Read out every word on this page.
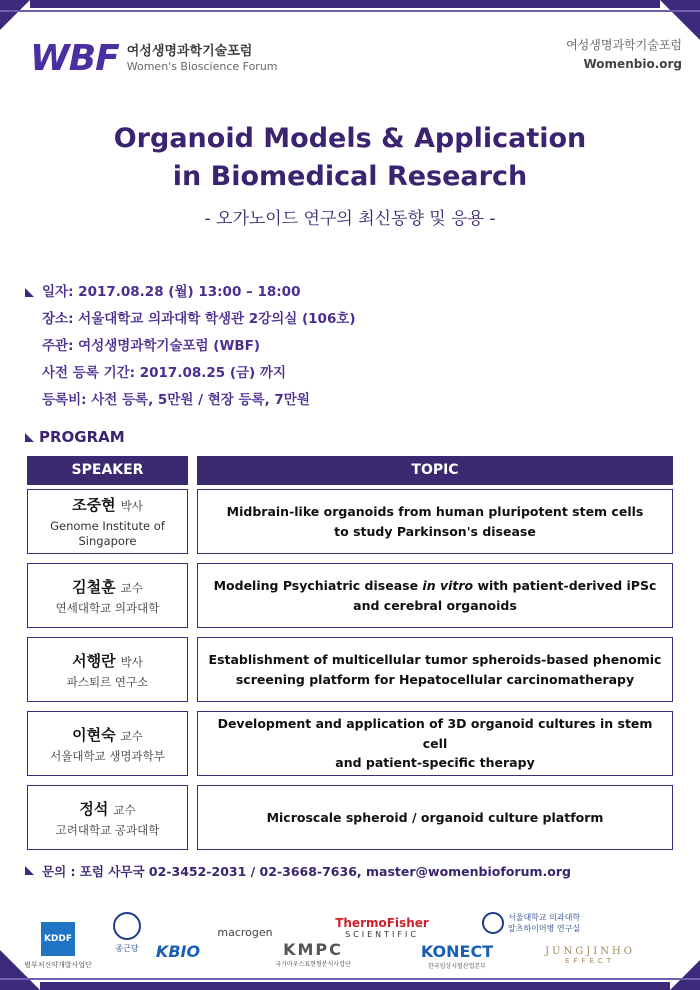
WBF 여성생명과학기술포럼
Women's Bioscience Forum
여성생명과학기술포럼
Womenbio.org
Organoid Models & Application
in Biomedical Research
- 오가노이드 연구의 최신동향 및 응용 -
일자: 2017.08.28 (월) 13:00 – 18:00
장소: 서울대학교 의과대학 학생관 2강의실 (106호)
주관: 여성생명과학기술포럼 (WBF)
사전 등록 기간: 2017.08.25 (금) 까지
등록비: 사전 등록, 5만원 / 현장 등록, 7만원
PROGRAM
SPEAKER	TOPIC
조중현 박사
Genome Institute of Singapore
Midbrain-like organoids from human pluripotent stem cells
to study Parkinson's disease
김철훈 교수
연세대학교 의과대학
Modeling Psychiatric disease in vitro with patient-derived iPSc
and cerebral organoids
서행란 박사
파스퇴르 연구소
Establishment of multicellular tumor spheroids-based phenomic
screening platform for Hepatocellular carcinomatherapy
이현숙 교수
서울대학교 생명과학부
Development and application of 3D organoid cultures in stem cell
and patient-specific therapy
정석 교수
고려대학교 공과대학
Microscale spheroid / organoid culture platform
문의 : 포럼 사무국 02-3452-2031 / 02-3668-7636, master@womenbioforum.org
KDDF
범부처신약개발사업단
종근당	KBIO
macrogen
KMPC
국가마우스표현형분석사업단
ThermoFisher
SCIENTIFIC
KONECT
한국임상시험산업본부
서울대학교 의과대학
알츠하이머병 연구실
JUNGJINHO
EFFECT
